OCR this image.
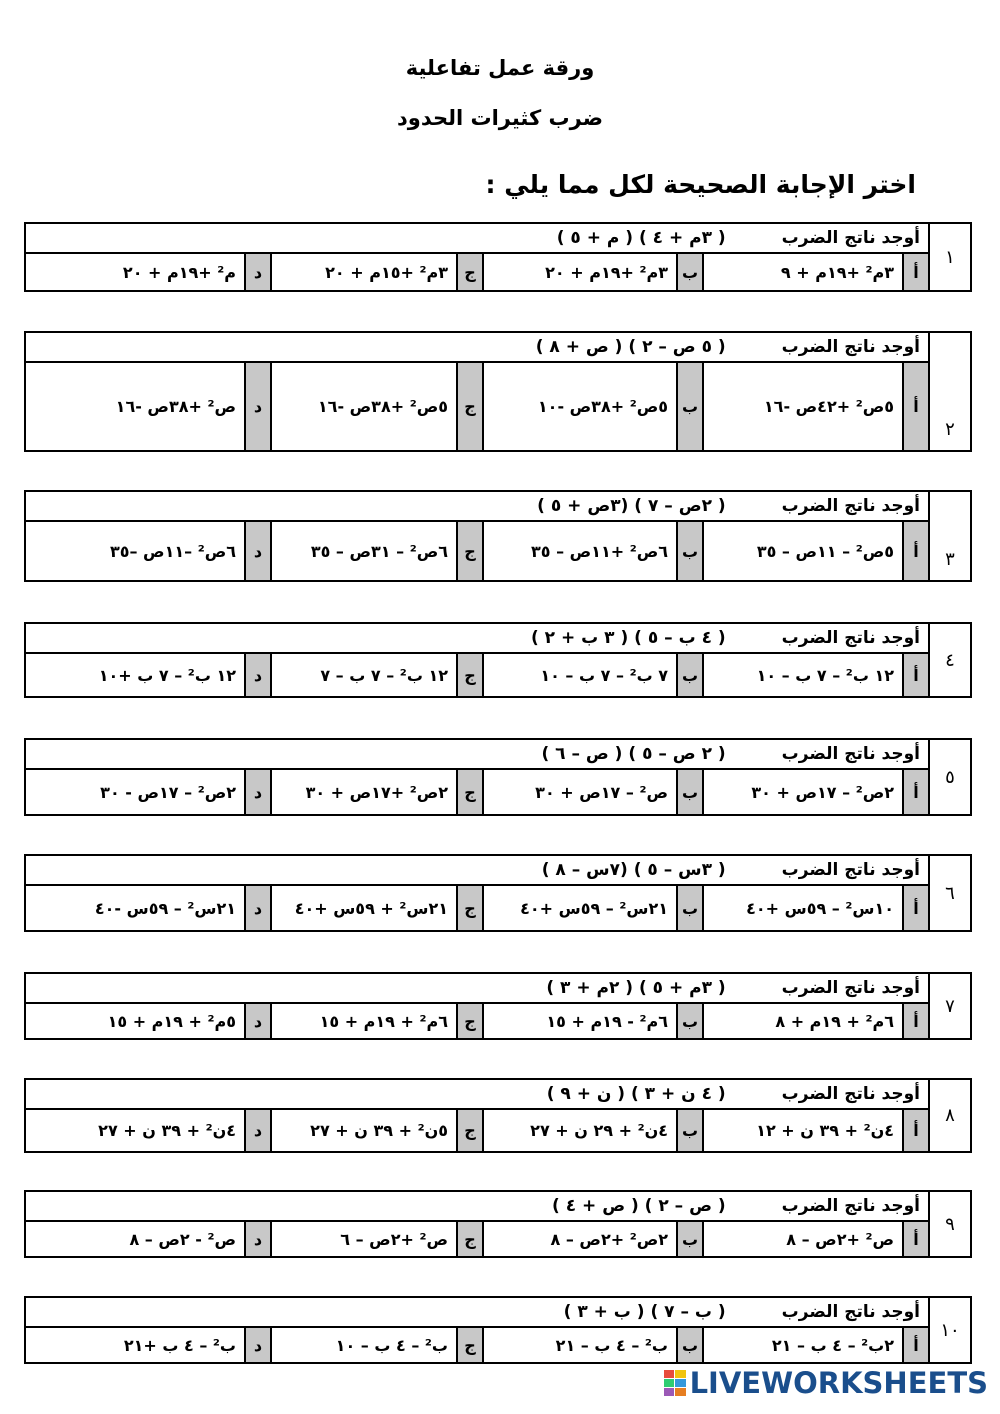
ورقة عمل تفاعلية
ضرب كثيرات الحدود
اختر الإجابة الصحيحة لكل مما يلي :
١
أوجد ناتج الضرب
( ٣م + ٤ ) ( م + ٥ )
أ
٣م² +١٩م + ٩
ب
٣م² +١٩م + ٢٠
ج
٣م² +١٥م + ٢٠
د
م² +١٩م + ٢٠
٢
أوجد ناتج الضرب
( ٥ ص – ٢ ) ( ص + ٨ )
أ
٥ص² +٤٢ص -١٦
ب
٥ص² +٣٨ص -١٠
ج
٥ص² +٣٨ص -١٦
د
ص² +٣٨ص -١٦
٣
أوجد ناتج الضرب
( ٢ص – ٧ ) (٣ص + ٥ )
أ
٥ص² – ١١ص – ٣٥
ب
٦ص² +١١ص – ٣٥
ج
٦ص² – ٣١ص – ٣٥
د
٦ص² –١١ص –٣٥
٤
أوجد ناتج الضرب
( ٤ ب – ٥ ) ( ٣ ب + ٢ )
أ
١٢ ب² – ٧ ب – ١٠
ب
٧ ب² – ٧ ب – ١٠
ج
١٢ ب² – ٧ ب – ٧
د
١٢ ب² – ٧ ب +١٠
٥
أوجد ناتج الضرب
( ٢ ص – ٥ ) ( ص – ٦ )
أ
٢ص² – ١٧ص + ٣٠
ب
ص² – ١٧ص + ٣٠
ج
٢ص² +١٧ص + ٣٠
د
٢ص² – ١٧ص - ٣٠
٦
أوجد ناتج الضرب
( ٣س – ٥ ) (٧س – ٨ )
أ
١٠س² – ٥٩س +٤٠
ب
٢١س² – ٥٩س +٤٠
ج
٢١س² + ٥٩س +٤٠
د
٢١س² – ٥٩س -٤٠
٧
أوجد ناتج الضرب
( ٣م + ٥ ) ( ٢م + ٣ )
أ
٦م² + ١٩م + ٨
ب
٦م² - ١٩م + ١٥
ج
٦م² + ١٩م + ١٥
د
٥م² + ١٩م + ١٥
٨
أوجد ناتج الضرب
( ٤ ن + ٣ ) ( ن + ٩ )
أ
٤ن² + ٣٩ ن + ١٢
ب
٤ن² + ٢٩ ن + ٢٧
ج
٥ن² + ٣٩ ن + ٢٧
د
٤ن² + ٣٩ ن + ٢٧
٩
أوجد ناتج الضرب
( ص – ٢ ) ( ص + ٤ )
أ
ص² +٢ص – ٨
ب
٢ص² +٢ص – ٨
ج
ص² +٢ص – ٦
د
ص² - ٢ص – ٨
١٠
أوجد ناتج الضرب
( ب – ٧ ) ( ب + ٣ )
أ
٢ب² – ٤ ب – ٢١
ب
ب² – ٤ ب – ٢١
ج
ب² – ٤ ب – ١٠
د
ب² – ٤ ب +٢١
LIVEWORKSHEETS
